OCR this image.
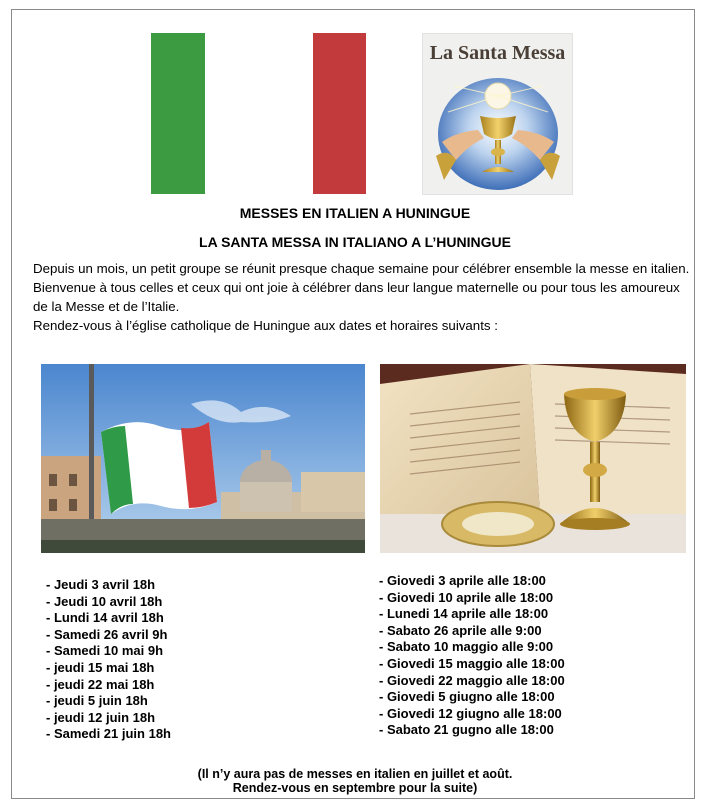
La Santa Messa
MESSES EN ITALIEN A HUNINGUE
LA SANTA MESSA IN ITALIANO A L’HUNINGUE

Depuis un mois, un petit groupe se réunit presque chaque semaine pour célébrer ensemble la messe en italien. Bienvenue à tous celles et ceux qui ont joie à célébrer dans leur langue maternelle ou pour tous les amoureux de la Messe et de l’Italie.

Rendez-vous à l’église catholique de Huningue aux dates et horaires suivants :

- Jeudi 3 avril 18h
- Jeudi 10 avril 18h
- Lundi 14 avril 18h
- Samedi 26 avril 9h
- Samedi 10 mai 9h
- jeudi 15 mai 18h
- jeudi 22 mai 18h
- jeudi 5 juin 18h
- jeudi 12 juin 18h
- Samedi 21 juin 18h
- Giovedi 3 aprile alle 18:00
- Giovedi 10 aprile alle 18:00
- Lunedi 14 aprile alle 18:00
- Sabato 26 aprile alle 9:00
- Sabato 10 maggio alle 9:00
- Giovedi 15 maggio alle 18:00
- Giovedi 22 maggio alle 18:00
- Giovedi 5 giugno alle 18:00
- Giovedi 12 giugno alle 18:00
- Sabato 21 gugno alle 18:00
(Il n’y aura pas de messes en italien en juillet et août.
Rendez-vous en septembre pour la suite)
